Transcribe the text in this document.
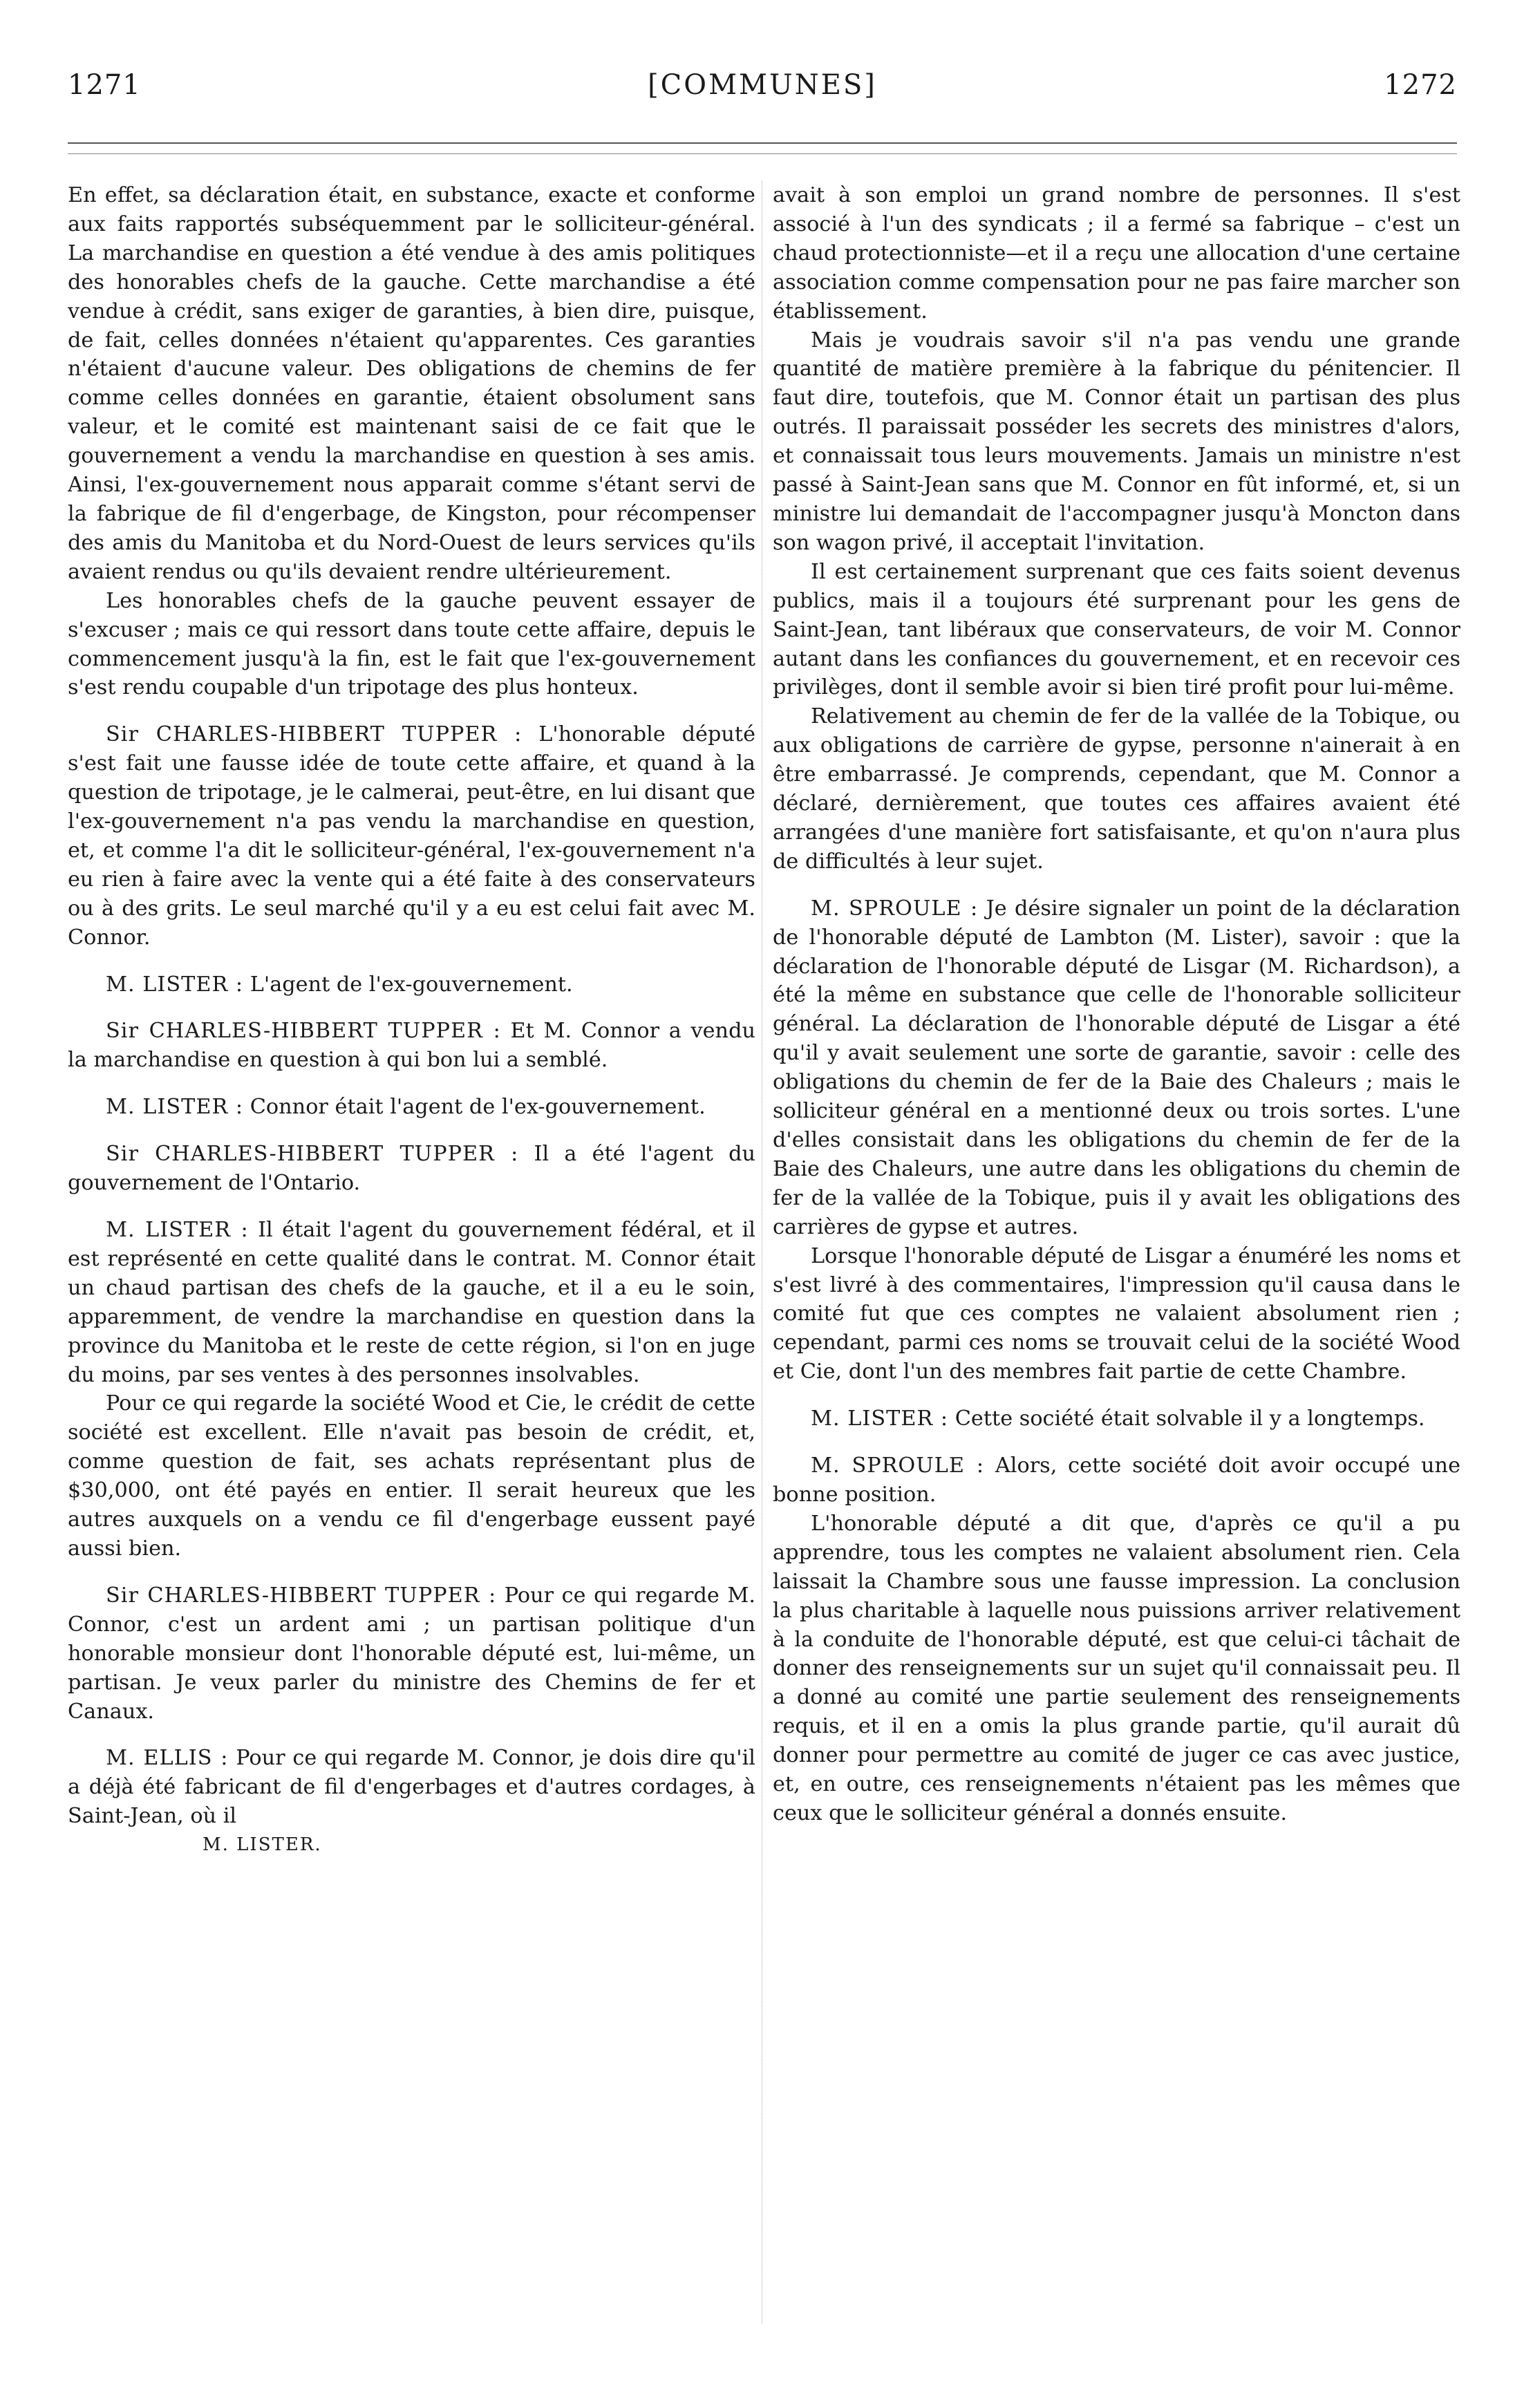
1271	[COMMUNES]	1272

En effet, sa déclaration était, en substance, exacte et conforme aux faits rapportés subséquemment par le solliciteur-général. La marchandise en question a été vendue à des amis politiques des honorables chefs de la gauche. Cette marchandise a été vendue à crédit, sans exiger de garanties, à bien dire, puisque, de fait, celles données n'étaient qu'apparentes. Ces garanties n'étaient d'aucune valeur. Des obligations de chemins de fer comme celles données en garantie, étaient obsolument sans valeur, et le comité est maintenant saisi de ce fait que le gouvernement a vendu la marchandise en question à ses amis. Ainsi, l'ex-gouvernement nous apparait comme s'étant servi de la fabrique de fil d'engerbage, de Kingston, pour récompenser des amis du Manitoba et du Nord-Ouest de leurs services qu'ils avaient rendus ou qu'ils devaient rendre ultérieurement.

Les honorables chefs de la gauche peuvent essayer de s'excuser ; mais ce qui ressort dans toute cette affaire, depuis le commencement jusqu'à la fin, est le fait que l'ex-gouvernement s'est rendu coupable d'un tripotage des plus honteux.

Sir CHARLES-HIBBERT TUPPER : L'honorable député s'est fait une fausse idée de toute cette affaire, et quand à la question de tripotage, je le calmerai, peut-être, en lui disant que l'ex-gouvernement n'a pas vendu la marchandise en question, et, et comme l'a dit le solliciteur-général, l'ex-gouvernement n'a eu rien à faire avec la vente qui a été faite à des conservateurs ou à des grits. Le seul marché qu'il y a eu est celui fait avec M. Connor.

M. LISTER : L'agent de l'ex-gouvernement.

Sir CHARLES-HIBBERT TUPPER : Et M. Connor a vendu la marchandise en question à qui bon lui a semblé.

M. LISTER : Connor était l'agent de l'ex-gouvernement.

Sir CHARLES-HIBBERT TUPPER : Il a été l'agent du gouvernement de l'Ontario.

M. LISTER : Il était l'agent du gouvernement fédéral, et il est représenté en cette qualité dans le contrat. M. Connor était un chaud partisan des chefs de la gauche, et il a eu le soin, apparemment, de vendre la marchandise en question dans la province du Manitoba et le reste de cette région, si l'on en juge du moins, par ses ventes à des personnes insolvables.

Pour ce qui regarde la société Wood et Cie, le crédit de cette société est excellent. Elle n'avait pas besoin de crédit, et, comme question de fait, ses achats représentant plus de $30,000, ont été payés en entier. Il serait heureux que les autres auxquels on a vendu ce fil d'engerbage eussent payé aussi bien.

Sir CHARLES-HIBBERT TUPPER : Pour ce qui regarde M. Connor, c'est un ardent ami ; un partisan politique d'un honorable monsieur dont l'honorable député est, lui-même, un partisan. Je veux parler du ministre des Chemins de fer et Canaux.

M. ELLIS : Pour ce qui regarde M. Connor, je dois dire qu'il a déjà été fabricant de fil d'engerbages et d'autres cordages, à Saint-Jean, où il

M. LISTER.

avait à son emploi un grand nombre de personnes. Il s'est associé à l'un des syndicats ; il a fermé sa fabrique – c'est un chaud protectionniste—et il a reçu une allocation d'une certaine association comme compensation pour ne pas faire marcher son établissement.

Mais je voudrais savoir s'il n'a pas vendu une grande quantité de matière première à la fabrique du pénitencier. Il faut dire, toutefois, que M. Connor était un partisan des plus outrés. Il paraissait posséder les secrets des ministres d'alors, et connaissait tous leurs mouvements. Jamais un ministre n'est passé à Saint-Jean sans que M. Connor en fût informé, et, si un ministre lui demandait de l'accompagner jusqu'à Moncton dans son wagon privé, il acceptait l'invitation.

Il est certainement surprenant que ces faits soient devenus publics, mais il a toujours été surprenant pour les gens de Saint-Jean, tant libéraux que conservateurs, de voir M. Connor autant dans les confiances du gouvernement, et en recevoir ces privilèges, dont il semble avoir si bien tiré profit pour lui-même.

Relativement au chemin de fer de la vallée de la Tobique, ou aux obligations de carrière de gypse, personne n'ainerait à en être embarrassé. Je comprends, cependant, que M. Connor a déclaré, dernièrement, que toutes ces affaires avaient été arrangées d'une manière fort satisfaisante, et qu'on n'aura plus de difficultés à leur sujet.

M. SPROULE : Je désire signaler un point de la déclaration de l'honorable député de Lambton (M. Lister), savoir : que la déclaration de l'honorable député de Lisgar (M. Richardson), a été la même en substance que celle de l'honorable solliciteur général. La déclaration de l'honorable député de Lisgar a été qu'il y avait seulement une sorte de garantie, savoir : celle des obligations du chemin de fer de la Baie des Chaleurs ; mais le solliciteur général en a mentionné deux ou trois sortes. L'une d'elles consistait dans les obligations du chemin de fer de la Baie des Chaleurs, une autre dans les obligations du chemin de fer de la vallée de la Tobique, puis il y avait les obligations des carrières de gypse et autres.

Lorsque l'honorable député de Lisgar a énuméré les noms et s'est livré à des commentaires, l'impression qu'il causa dans le comité fut que ces comptes ne valaient absolument rien ; cependant, parmi ces noms se trouvait celui de la société Wood et Cie, dont l'un des membres fait partie de cette Chambre.

M. LISTER : Cette société était solvable il y a longtemps.

M. SPROULE : Alors, cette société doit avoir occupé une bonne position.

L'honorable député a dit que, d'après ce qu'il a pu apprendre, tous les comptes ne valaient absolument rien. Cela laissait la Chambre sous une fausse impression. La conclusion la plus charitable à laquelle nous puissions arriver relativement à la conduite de l'honorable député, est que celui-ci tâchait de donner des renseignements sur un sujet qu'il connaissait peu. Il a donné au comité une partie seulement des renseignements requis, et il en a omis la plus grande partie, qu'il aurait dû donner pour permettre au comité de juger ce cas avec justice, et, en outre, ces renseignements n'étaient pas les mêmes que ceux que le solliciteur général a donnés ensuite.
